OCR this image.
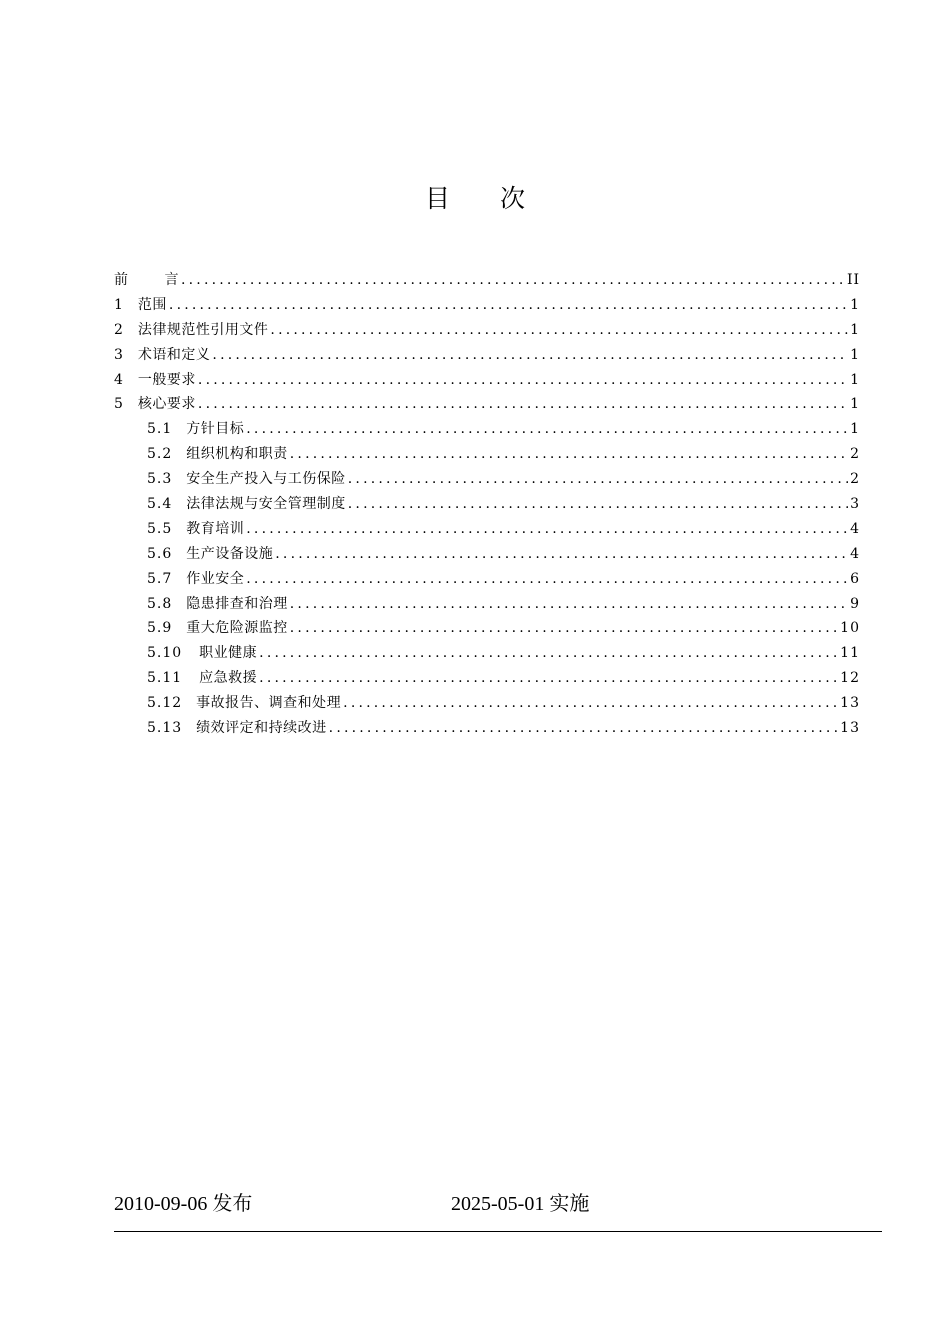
目 次
前	言 .....	II
1 范围 .....	1
2 法律规范性引用文件 .....	1
3 术语和定义 .....	1
4 一般要求 .....	1
5 核心要求 .....	1
5.1 方针目标 .....	1
5.2 组织机构和职责 .....	2
5.3 安全生产投入与工伤保险 .....	2
5.4 法律法规与安全管理制度 .....	3
5.5 教育培训 .....	4
5.6 生产设备设施 .....	4
5.7 作业安全 .....	6
5.8 隐患排查和治理 .....	9
5.9 重大危险源监控 .....	10
5.10 职业健康 .....	11
5.11 应急救援 .....	12
5.12 事故报告、调查和处理 .....	13
5.13 绩效评定和持续改进 .....	13
2010-09-06 发布	2025-05-01 实施
